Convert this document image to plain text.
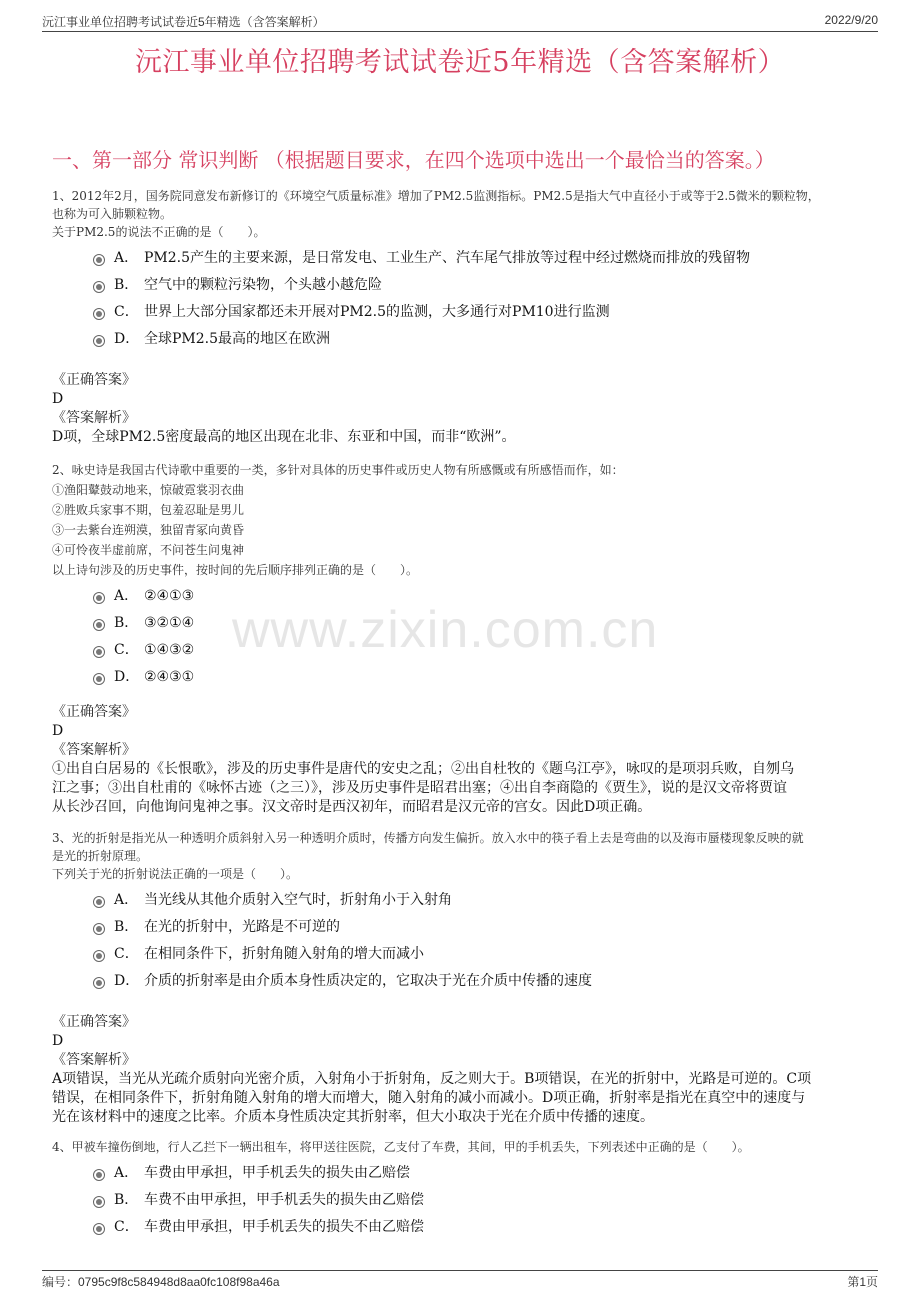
沅江事业单位招聘考试试卷近5年精选（含答案解析）	2022/9/20
沅江事业单位招聘考试试卷近5年精选（含答案解析）
一、第一部分 常识判断 （根据题目要求，在四个选项中选出一个最恰当的答案。）
www.zixin.com.cn
1、2012年2月，国务院同意发布新修订的《环境空气质量标准》增加了PM2.5监测指标。PM2.5是指大气中直径小于或等于2.5微米的颗粒物，
也称为可入肺颗粒物。
关于PM2.5的说法不正确的是（　　）。
A． PM2.5产生的主要来源，是日常发电、工业生产、汽车尾气排放等过程中经过燃烧而排放的残留物
B． 空气中的颗粒污染物，个头越小越危险
C． 世界上大部分国家都还未开展对PM2.5的监测，大多通行对PM10进行监测
D． 全球PM2.5最高的地区在欧洲
《正确答案》
D
《答案解析》
D项，全球PM2.5密度最高的地区出现在北非、东亚和中国，而非“欧洲”。
2、咏史诗是我国古代诗歌中重要的一类，多针对具体的历史事件或历史人物有所感慨或有所感悟而作，如：
①渔阳鼙鼓动地来，惊破霓裳羽衣曲
②胜败兵家事不期，包羞忍耻是男儿
③一去紫台连朔漠，独留青冢向黄昏
④可怜夜半虚前席，不问苍生问鬼神
以上诗句涉及的历史事件，按时间的先后顺序排列正确的是（　　）。
A． ②④①③
B． ③②①④
C． ①④③②
D． ②④③①
《正确答案》
D
《答案解析》
①出自白居易的《长恨歌》，涉及的历史事件是唐代的安史之乱；②出自杜牧的《题乌江亭》，咏叹的是项羽兵败，自刎乌
江之事；③出自杜甫的《咏怀古迹（之三）》，涉及历史事件是昭君出塞；④出自李商隐的《贾生》，说的是汉文帝将贾谊
从长沙召回，向他询问鬼神之事。汉文帝时是西汉初年，而昭君是汉元帝的宫女。因此D项正确。
3、光的折射是指光从一种透明介质斜射入另一种透明介质时，传播方向发生偏折。放入水中的筷子看上去是弯曲的以及海市蜃楼现象反映的就
是光的折射原理。
下列关于光的折射说法正确的一项是（　　）。
A． 当光线从其他介质射入空气时，折射角小于入射角
B． 在光的折射中，光路是不可逆的
C． 在相同条件下，折射角随入射角的增大而减小
D． 介质的折射率是由介质本身性质决定的，它取决于光在介质中传播的速度
《正确答案》
D
《答案解析》
A项错误，当光从光疏介质射向光密介质，入射角小于折射角，反之则大于。B项错误，在光的折射中，光路是可逆的。C项
错误，在相同条件下，折射角随入射角的增大而增大，随入射角的减小而减小。D项正确，折射率是指光在真空中的速度与
光在该材料中的速度之比率。介质本身性质决定其折射率，但大小取决于光在介质中传播的速度。
4、甲被车撞伤倒地，行人乙拦下一辆出租车，将甲送往医院，乙支付了车费，其间，甲的手机丢失，下列表述中正确的是（　　）。
A． 车费由甲承担，甲手机丢失的损失由乙赔偿
B． 车费不由甲承担，甲手机丢失的损失由乙赔偿
C． 车费由甲承担，甲手机丢失的损失不由乙赔偿
编号：0795c9f8c584948d8aa0fc108f98a46a	第1页
